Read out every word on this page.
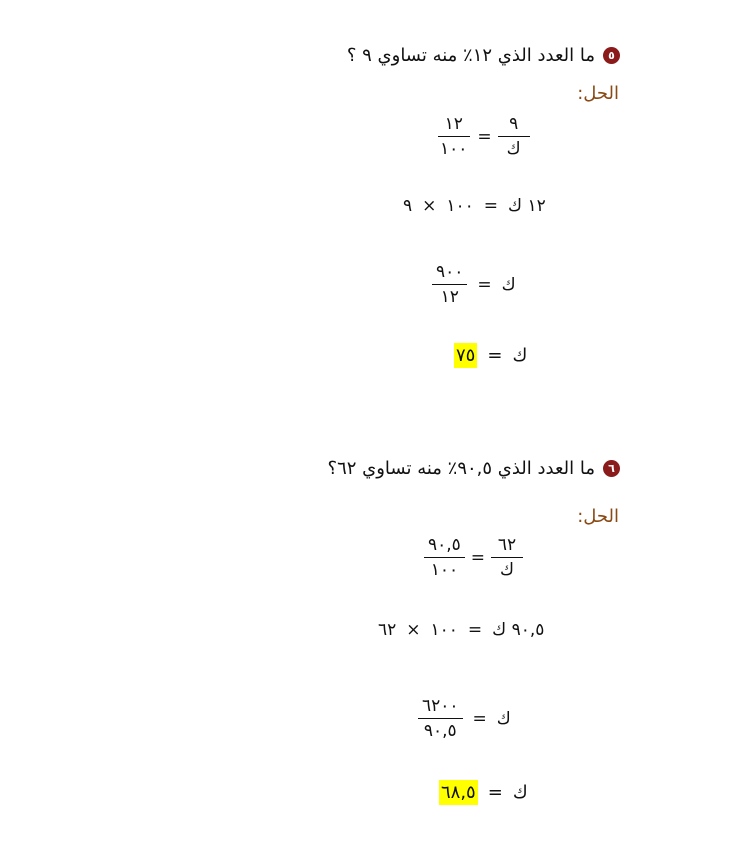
٥
ما العدد الذي ١٢٪ منه تساوي ٩ ؟
الحل:
$\frac{١٢}{١٠٠} = \frac{٩}{\text{ك}}$
٩ × ١٠٠ = ١٢ ك
$\frac{٩٠٠}{١٢}$ = ك
٧٥ = ك
٦
ما العدد الذي ٩٠,٥٪ منه تساوي ٦٢؟
الحل:
$\frac{٩٠,٥}{١٠٠} = \frac{٦٢}{\text{ك}}$
٦٢ × ١٠٠ = ٩٠,٥ ك
$\frac{٦٢٠٠}{٩٠,٥}$ = ك
٦٨,٥ = ك
